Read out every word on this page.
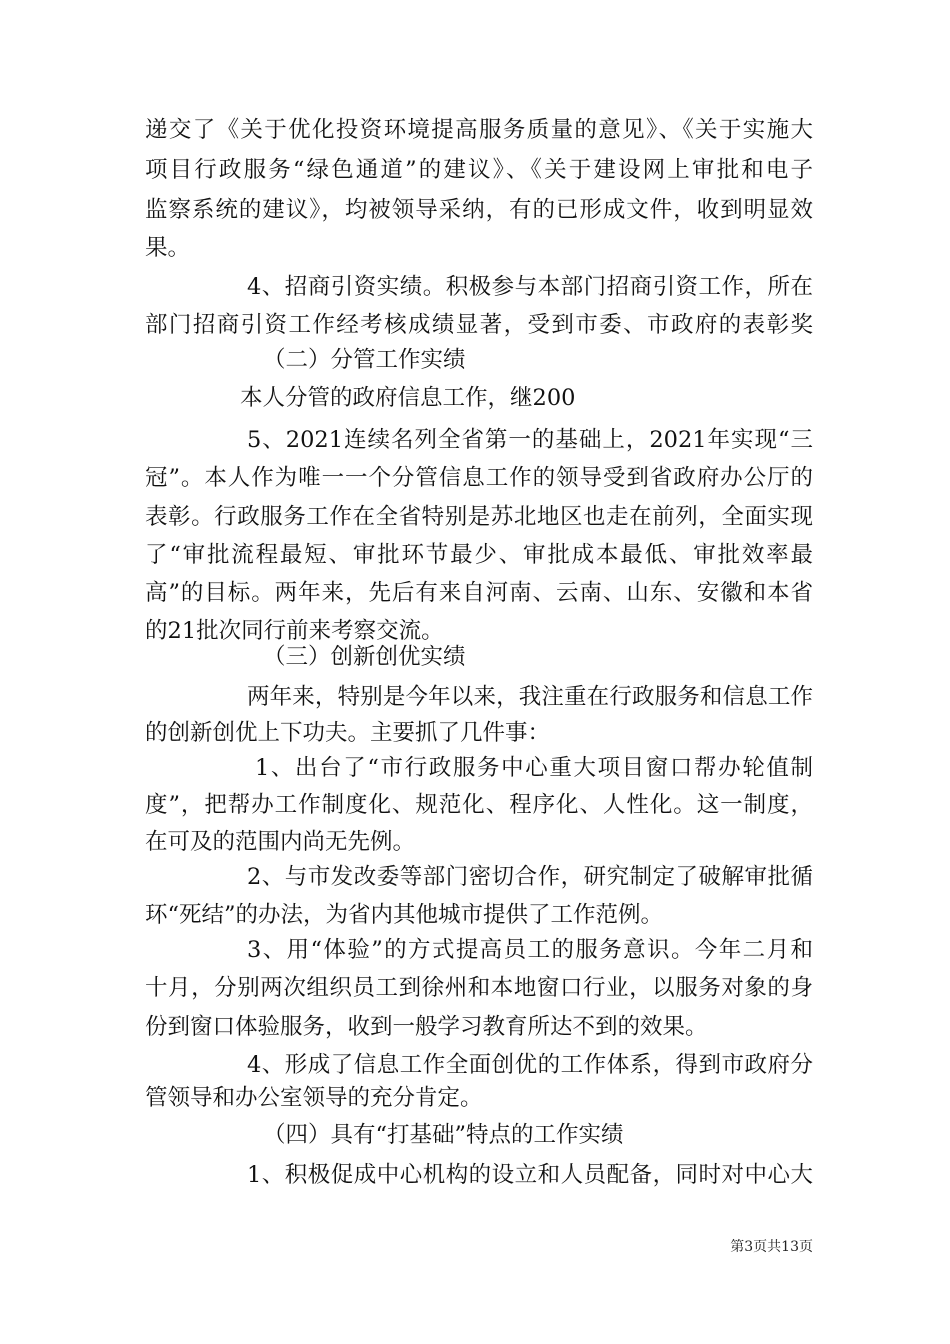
递交了《关于优化投资环境提高服务质量的意见》、《关于实施大
项目行政服务“绿色通道”的建议》、《关于建设网上审批和电子
监察系统的建议》，均被领导采纳，有的已形成文件，收到明显效
果。
4、招商引资实绩。积极参与本部门招商引资工作，所在
部门招商引资工作经考核成绩显著，受到市委、市政府的表彰奖
（二）分管工作实绩
本人分管的政府信息工作，继200
5、2021连续名列全省第一的基础上，2021年实现“三
冠”。本人作为唯一一个分管信息工作的领导受到省政府办公厅的
表彰。行政服务工作在全省特别是苏北地区也走在前列，全面实现
了“审批流程最短、审批环节最少、审批成本最低、审批效率最
高”的目标。两年来，先后有来自河南、云南、山东、安徽和本省
的21批次同行前来考察交流。
（三）创新创优实绩
两年来，特别是今年以来，我注重在行政服务和信息工作
的创新创优上下功夫。主要抓了几件事：
1、出台了“市行政服务中心重大项目窗口帮办轮值制
度”，把帮办工作制度化、规范化、程序化、人性化。这一制度，
在可及的范围内尚无先例。
2、与市发改委等部门密切合作，研究制定了破解审批循
环“死结”的办法，为省内其他城市提供了工作范例。
3、用“体验”的方式提高员工的服务意识。今年二月和
十月，分别两次组织员工到徐州和本地窗口行业，以服务对象的身
份到窗口体验服务，收到一般学习教育所达不到的效果。
4、形成了信息工作全面创优的工作体系，得到市政府分
管领导和办公室领导的充分肯定。
（四）具有“打基础”特点的工作实绩
1、积极促成中心机构的设立和人员配备，同时对中心大
第3页共13页
